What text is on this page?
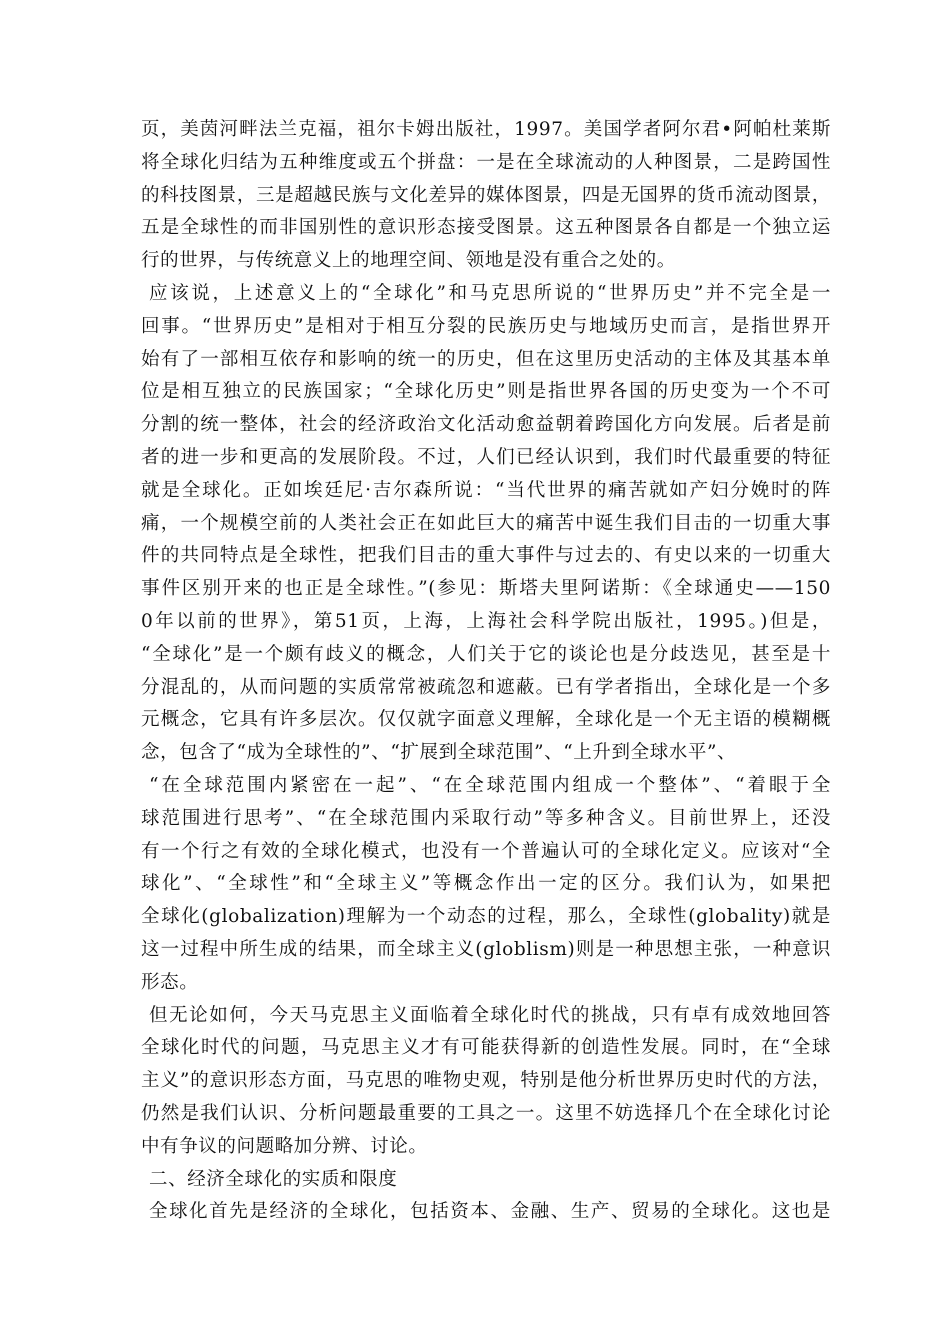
页，美茵河畔法兰克福，祖尔卡姆出版社，1997。美国学者阿尔君•阿帕杜莱斯
将全球化归结为五种维度或五个拼盘：一是在全球流动的人种图景，二是跨国性
的科技图景，三是超越民族与文化差异的媒体图景，四是无国界的货币流动图景，
五是全球性的而非国别性的意识形态接受图景。这五种图景各自都是一个独立运
行的世界，与传统意义上的地理空间、领地是没有重合之处的。
应该说，上述意义上的“全球化”和马克思所说的“世界历史”并不完全是一
回事。“世界历史”是相对于相互分裂的民族历史与地域历史而言，是指世界开
始有了一部相互依存和影响的统一的历史，但在这里历史活动的主体及其基本单
位是相互独立的民族国家；“全球化历史”则是指世界各国的历史变为一个不可
分割的统一整体，社会的经济政治文化活动愈益朝着跨国化方向发展。后者是前
者的进一步和更高的发展阶段。不过，人们已经认识到，我们时代最重要的特征
就是全球化。正如埃廷尼·吉尔森所说：“当代世界的痛苦就如产妇分娩时的阵
痛，一个规模空前的人类社会正在如此巨大的痛苦中诞生我们目击的一切重大事
件的共同特点是全球性，把我们目击的重大事件与过去的、有史以来的一切重大
事件区别开来的也正是全球性。”(参见：斯塔夫里阿诺斯：《全球通史——150
0年以前的世界》，第51页，上海，上海社会科学院出版社，1995。)但是，
“全球化”是一个颇有歧义的概念，人们关于它的谈论也是分歧迭见，甚至是十
分混乱的，从而问题的实质常常被疏忽和遮蔽。已有学者指出，全球化是一个多
元概念，它具有许多层次。仅仅就字面意义理解，全球化是一个无主语的模糊概
念，包含了“成为全球性的”、“扩展到全球范围”、“上升到全球水平”、
“在全球范围内紧密在一起”、“在全球范围内组成一个整体”、“着眼于全
球范围进行思考”、“在全球范围内采取行动”等多种含义。目前世界上，还没
有一个行之有效的全球化模式，也没有一个普遍认可的全球化定义。应该对“全
球化”、“全球性”和“全球主义”等概念作出一定的区分。我们认为，如果把
全球化(globalization)理解为一个动态的过程，那么，全球性(globality)就是
这一过程中所生成的结果，而全球主义(globlism)则是一种思想主张，一种意识
形态。
但无论如何，今天马克思主义面临着全球化时代的挑战，只有卓有成效地回答
全球化时代的问题，马克思主义才有可能获得新的创造性发展。同时，在“全球
主义”的意识形态方面，马克思的唯物史观，特别是他分析世界历史时代的方法，
仍然是我们认识、分析问题最重要的工具之一。这里不妨选择几个在全球化讨论
中有争议的问题略加分辨、讨论。
二、经济全球化的实质和限度
全球化首先是经济的全球化，包括资本、金融、生产、贸易的全球化。这也是
